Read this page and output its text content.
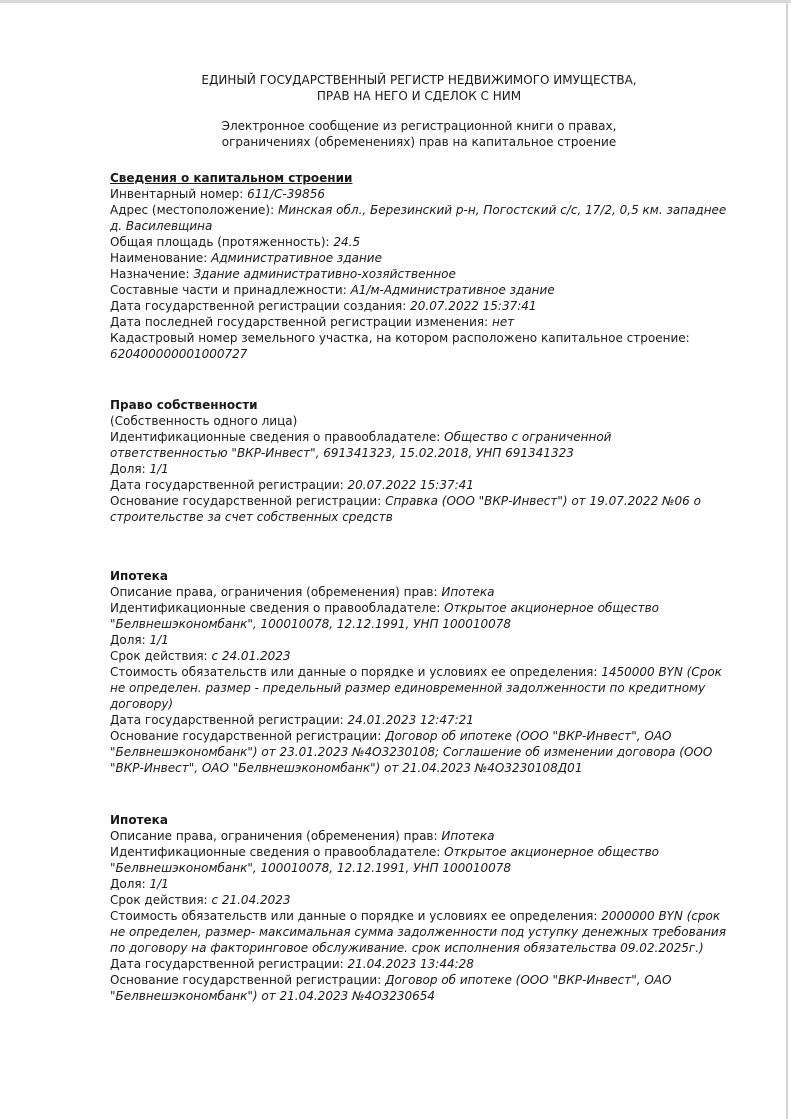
ЕДИНЫЙ ГОСУДАРСТВЕННЫЙ РЕГИСТР НЕДВИЖИМОГО ИМУЩЕСТВА,
ПРАВ НА НЕГО И СДЕЛОК С НИМ
Электронное сообщение из регистрационной книги о правах,
ограничениях (обременениях) прав на капитальное строение

Сведения о капитальном строении

Инвентарный номер: 611/С-39856

Адрес (местоположение): Минская обл., Березинский р-н, Погостский с/с, 17/2, 0,5 км. западнее д. Василевщина

Общая площадь (протяженность): 24.5

Наименование: Административное здание

Назначение: Здание административно-хозяйственное

Составные части и принадлежности: А1/м-Административное здание

Дата государственной регистрации создания: 20.07.2022 15:37:41

Дата последней государственной регистрации изменения: нет

Кадастровый номер земельного участка, на котором расположено капитальное строение: 620400000001000727

Право собственности

(Собственность одного лица)

Идентификационные сведения о правообладателе: Общество с ограниченной ответственностью "ВКР-Инвест", 691341323, 15.02.2018, УНП 691341323

Доля: 1/1

Дата государственной регистрации: 20.07.2022 15:37:41

Основание государственной регистрации: Справка (ООО "ВКР-Инвест") от 19.07.2022 №06 о строительстве за счет собственных средств

Ипотека

Описание права, ограничения (обременения) прав: Ипотека

Идентификационные сведения о правообладателе: Открытое акционерное общество "Белвнешэкономбанк", 100010078, 12.12.1991, УНП 100010078

Доля: 1/1

Срок действия: с 24.01.2023

Стоимость обязательств или данные о порядке и условиях ее определения: 1450000 BYN (Срок не определен. размер - предельный размер единовременной задолженности по кредитному договору)

Дата государственной регистрации: 24.01.2023 12:47:21

Основание государственной регистрации: Договор об ипотеке (ООО "ВКР-Инвест", ОАО "Белвнешэкономбанк") от 23.01.2023 №4О3230108; Соглашение об изменении договора (ООО "ВКР-Инвест", ОАО "Белвнешэкономбанк") от 21.04.2023 №4О3230108Д01

Ипотека

Описание права, ограничения (обременения) прав: Ипотека

Идентификационные сведения о правообладателе: Открытое акционерное общество "Белвнешэкономбанк", 100010078, 12.12.1991, УНП 100010078

Доля: 1/1

Срок действия: с 21.04.2023

Стоимость обязательств или данные о порядке и условиях ее определения: 2000000 BYN (срок не определен, размер- максимальная сумма задолженности под уступку денежных требования по договору на факторинговое обслуживание. срок исполнения обязательства 09.02.2025г.)

Дата государственной регистрации: 21.04.2023 13:44:28

Основание государственной регистрации: Договор об ипотеке (ООО "ВКР-Инвест", ОАО "Белвнешэкономбанк") от 21.04.2023 №4О3230654
